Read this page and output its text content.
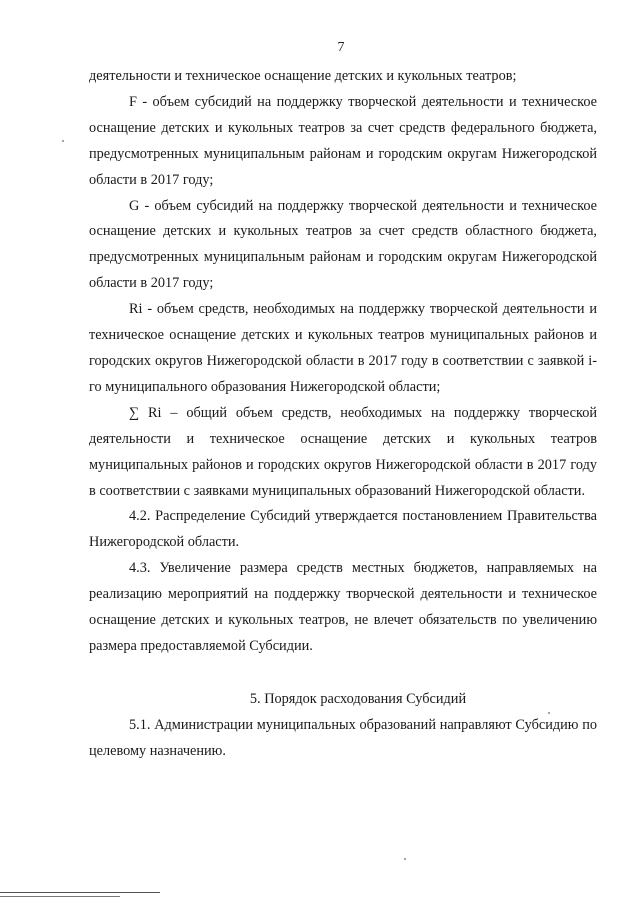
7

деятельности и техническое оснащение детских и кукольных театров;

F - объем субсидий на поддержку творческой деятельности и техническое оснащение детских и кукольных театров за счет средств федерального бюджета, предусмотренных муниципальным районам и городским округам Нижегородской области в 2017 году;

G - объем субсидий на поддержку творческой деятельности и техническое оснащение детских и кукольных театров за счет средств областного бюджета, предусмотренных муниципальным районам и городским округам Нижегородской области в 2017 году;

Ri - объем средств, необходимых на поддержку творческой деятельности и техническое оснащение детских и кукольных театров муниципальных районов и городских округов Нижегородской области в 2017 году в соответствии с заявкой i-го муниципального образования Нижегородской области;

∑ Ri – общий объем средств, необходимых на поддержку творческой деятельности и техническое оснащение детских и кукольных театров муниципальных районов и городских округов Нижегородской области в 2017 году в соответствии с заявками муниципальных образований Нижегородской области.

4.2. Распределение Субсидий утверждается постановлением Правительства Нижегородской области.

4.3. Увеличение размера средств местных бюджетов, направляемых на реализацию мероприятий на поддержку творческой деятельности и техническое оснащение детских и кукольных театров, не влечет обязательств по увеличению размера предоставляемой Субсидии.

5. Порядок расходования Субсидий

5.1. Администрации муниципальных образований направляют Субсидию по целевому назначению.
